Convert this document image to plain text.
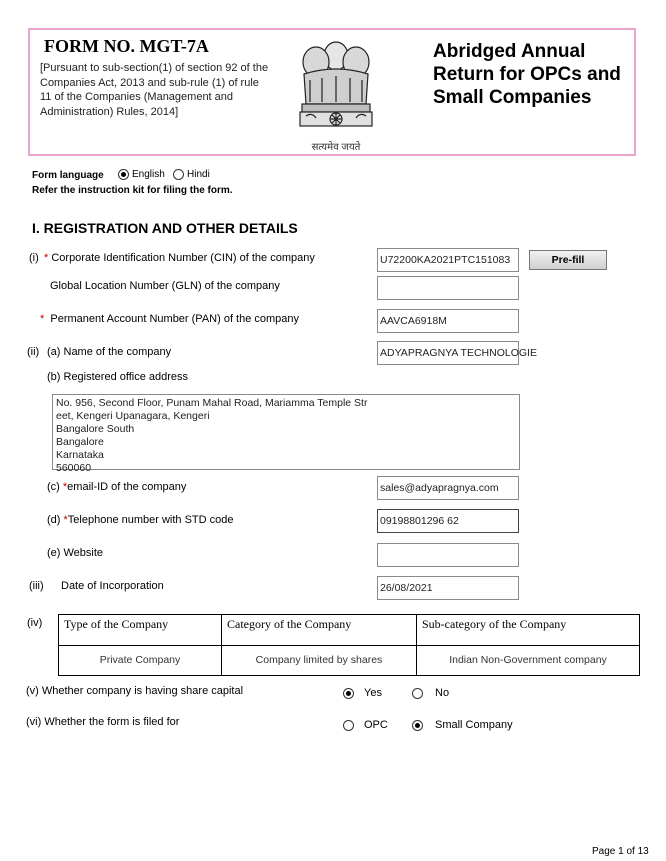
FORM NO. MGT-7A
[Pursuant to sub-section(1) of section 92 of the Companies Act, 2013 and sub-rule (1) of rule 11 of the Companies (Management and Administration) Rules, 2014]
सत्यमेव जयते
Abridged Annual Return for OPCs and Small Companies
Form language	English Hindi
Refer the instruction kit for filing the form.
I. REGISTRATION AND OTHER DETAILS
(i) * Corporate Identification Number (CIN) of the company	U72200KA2021PTC151083	Pre-fill
Global Location Number (GLN) of the company
* Permanent Account Number (PAN) of the company	AAVCA6918M
(ii) (a) Name of the company	ADYAPRAGNYA TECHNOLOGIE
(b) Registered office address
No. 956, Second Floor, Punam Mahal Road, Mariamma Temple Str
eet, Kengeri Upanagara, Kengeri
Bangalore South
Bangalore
Karnataka
560060
(c) *email-ID of the company	sales@adyapragnya.com
(d) *Telephone number with STD code	09198801296 62
(e) Website
(iii) Date of Incorporation	26/08/2021
(iv)	Type of the Company	Category of the Company	Sub-category of the Company
Private Company	Company limited by shares	Indian Non-Government company
(v) Whether company is having share capital	Yes	No
(vi) Whether the form is filed for	OPC	Small Company
Page 1 of 13
